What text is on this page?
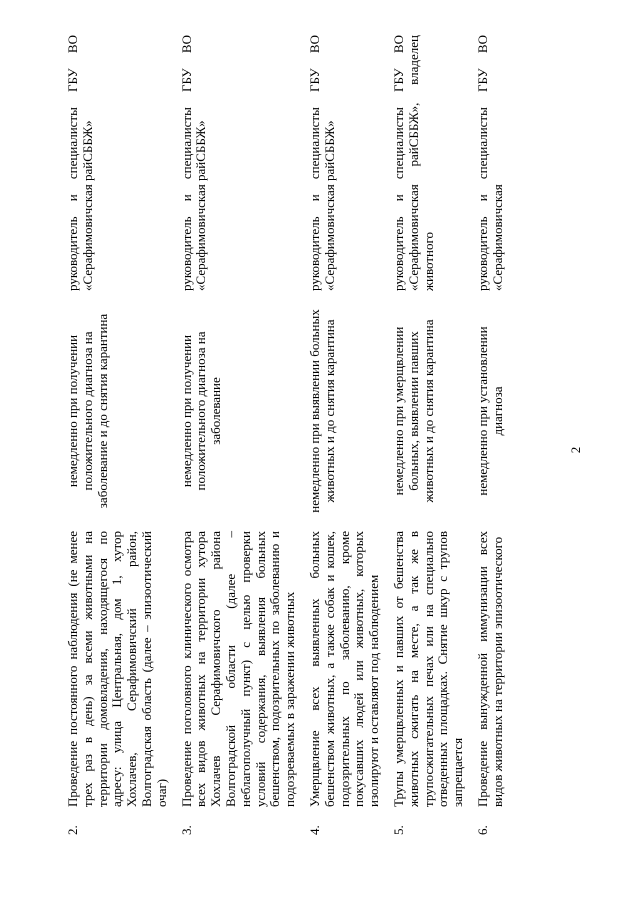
2
2.	Проведение постоянного наблюдения (не менее трех раз в день) за всеми животными на территории домовладения, находящегося по адресу: улица Центральная, дом 1, хутор Хохлачев, Серафимовичский район, Волгоградская область (далее – эпизоотический очаг)	немедленно при получении положительного диагноза на заболевание и до снятия карантина	руководитель и специалисты ГБУ ВО «Серафимовичская райСББЖ»
3.	Проведение поголовного клинического осмотра всех видов животных на территории хутора Хохлачев Серафимовичского района Волгоградской области (далее – неблагополучный пункт) с целью проверки условий содержания, выявления больных бешенством, подозрительных по заболеванию и подозреваемых в заражении животных	немедленно при получении положительного диагноза на заболевание	руководитель и специалисты ГБУ ВО «Серафимовичская райСББЖ»
4.	Умерщвление всех выявленных больных бешенством животных, а также собак и кошек, подозрительных по заболеванию, кроме покусавших людей или животных, которых изолируют и оставляют под наблюдением	немедленно при выявлении больных животных и до снятия карантина	руководитель и специалисты ГБУ ВО «Серафимовичская райСББЖ»
5.	Трупы умерщвленных и павших от бешенства животных сжигать на месте, а так же в трупосжигательных печах или на специально отведенных площадках. Снятие шкур с трупов запрещается	немедленно при умерщвлении больных, выявлении павших животных и до снятия карантина	руководитель и специалисты ГБУ ВО «Серафимовичская райСББЖ», владелец животного
6.	Проведение вынужденной иммунизации всех видов животных на территории эпизоотического	немедленно при установлении диагноза	руководитель и специалисты ГБУ ВО «Серафимовичская
